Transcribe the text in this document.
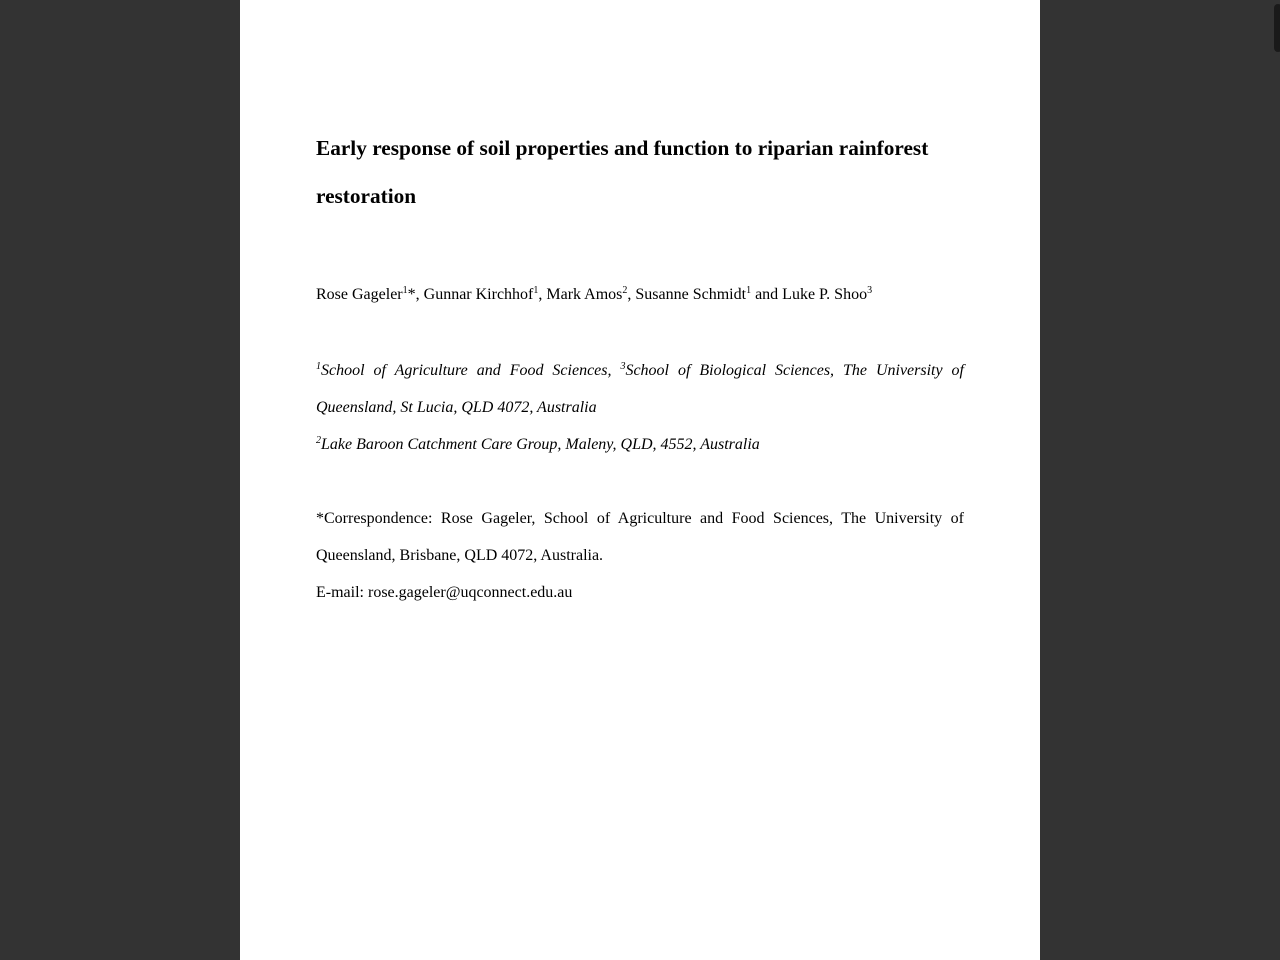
Early response of soil properties and function to riparian rainforest restoration
Rose Gageler$^1$*, Gunnar Kirchhof$^1$, Mark Amos$^2$, Susanne Schmidt$^1$ and Luke P. Shoo$^3$

$^1$School of Agriculture and Food Sciences, $^3$School of Biological Sciences, The University of Queensland, St Lucia, QLD 4072, Australia

$^2$Lake Baroon Catchment Care Group, Maleny, QLD, 4552, Australia

*Correspondence: Rose Gageler, School of Agriculture and Food Sciences, The University of Queensland, Brisbane, QLD 4072, Australia.

E-mail: rose.gageler@uqconnect.edu.au
